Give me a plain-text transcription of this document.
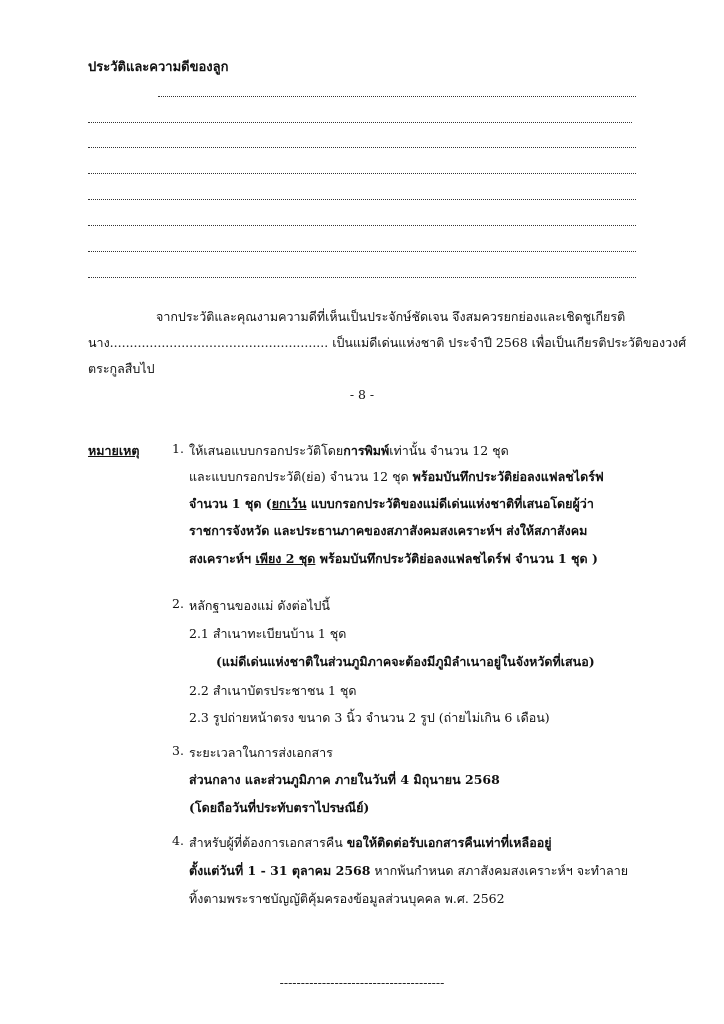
ประวัติและความดีของลูก
จากประวัติและคุณงามความดีที่เห็นเป็นประจักษ์ชัดเจน จึงสมควรยกย่องและเชิดชูเกียรติ
นาง....................................................... เป็นแม่ดีเด่นแห่งชาติ ประจำปี 2568 เพื่อเป็นเกียรติประวัติของวงศ์
ตระกูลสืบไป
- 8 -
หมายเหตุ	1. ให้เสนอแบบกรอกประวัติโดยการพิมพ์เท่านั้น จำนวน 12 ชุด
และแบบกรอกประวัติ(ย่อ) จำนวน 12 ชุด พร้อมบันทึกประวัติย่อลงแฟลชไดร์ฟ
จำนวน 1 ชุด (ยกเว้น แบบกรอกประวัติของแม่ดีเด่นแห่งชาติที่เสนอโดยผู้ว่า
ราชการจังหวัด และประธานภาคของสภาสังคมสงเคราะห์ฯ ส่งให้สภาสังคม
สงเคราะห์ฯ เพียง 2 ชุด พร้อมบันทึกประวัติย่อลงแฟลชไดร์ฟ จำนวน 1 ชุด )
2. หลักฐานของแม่ ดังต่อไปนี้
2.1 สำเนาทะเบียนบ้าน 1 ชุด
(แม่ดีเด่นแห่งชาติในส่วนภูมิภาคจะต้องมีภูมิลำเนาอยู่ในจังหวัดที่เสนอ)
2.2 สำเนาบัตรประชาชน 1 ชุด
2.3 รูปถ่ายหน้าตรง ขนาด 3 นิ้ว จำนวน 2 รูป (ถ่ายไม่เกิน 6 เดือน)
3. ระยะเวลาในการส่งเอกสาร
ส่วนกลาง และส่วนภูมิภาค ภายในวันที่ 4 มิถุนายน 2568
(โดยถือวันที่ประทับตราไปรษณีย์)
4. สำหรับผู้ที่ต้องการเอกสารคืน ขอให้ติดต่อรับเอกสารคืนเท่าที่เหลืออยู่
ตั้งแต่วันที่ 1 - 31 ตุลาคม 2568 หากพ้นกำหนด สภาสังคมสงเคราะห์ฯ จะทำลาย
ทิ้งตามพระราชบัญญัติคุ้มครองข้อมูลส่วนบุคคล พ.ศ. 2562
---------------------------------------
